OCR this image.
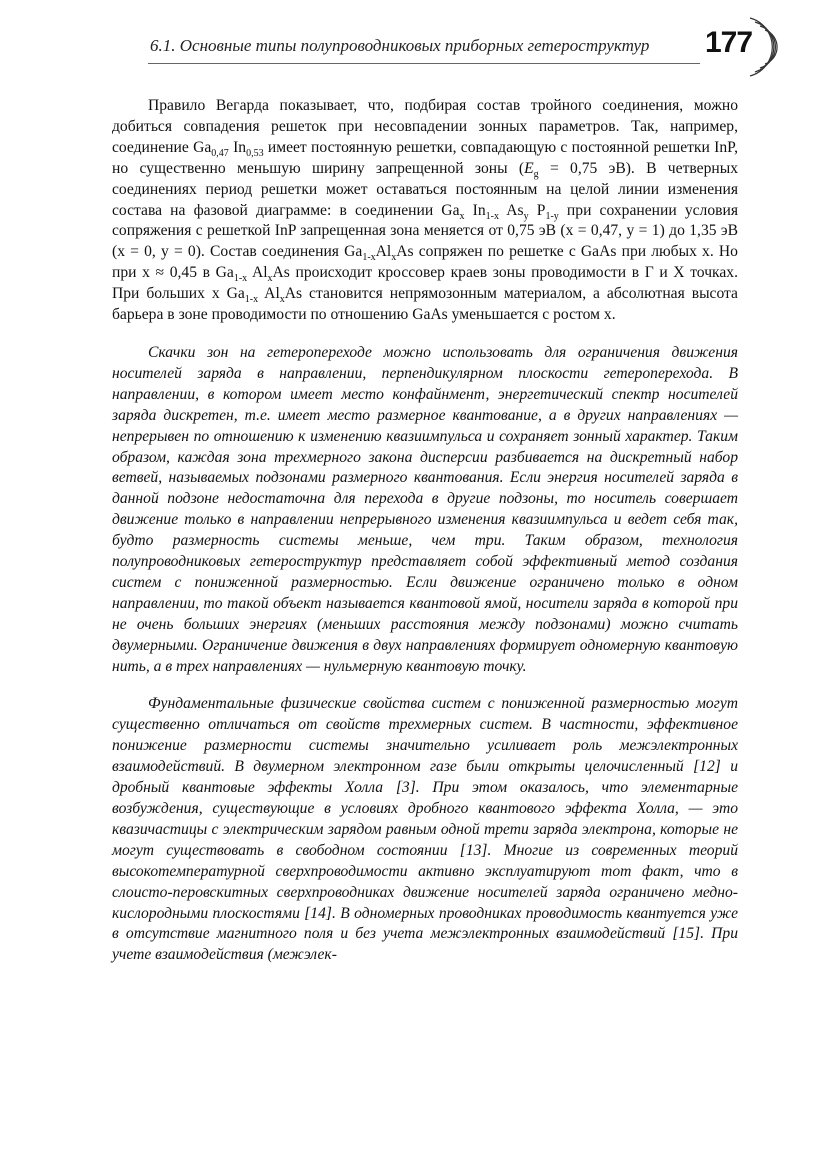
6.1. Основные типы полупроводниковых приборных гетероструктур	177

Правило Вегарда показывает, что, подбирая состав тройного соединения, можно добиться совпадения решеток при несовпадении зонных параметров. Так, например, соединение $Ga_{0,47}$ $In_{0,53}$ имеет постоянную решетки, совпадающую с постоянной решетки InP, но существенно меньшую ширину запрещенной зоны ($E_g = 0,75$ эВ). В четверных соединениях период решетки может оставаться постоянным на целой линии изменения состава на фазовой диаграмме: в соединении $Ga_x$ $In_{1-x}$ $As_y$ $P_{1-y}$ при сохранении условия сопряжения с решеткой InP запрещенная зона меняется от 0,75 эВ (x = 0,47, y = 1) до 1,35 эВ (x = 0, y = 0). Состав соединения $Ga_{1-x}Al_xAs$ сопряжен по решетке с GaAs при любых x. Но при x ≈ 0,45 в $Ga_{1-x}$ $Al_xAs$ происходит кроссовер краев зоны проводимости в Г и X точках. При больших x $Ga_{1-x}$ $Al_xAs$ становится непрямозонным материалом, а абсолютная высота барьера в зоне проводимости по отношению GaAs уменьшается с ростом x.

Скачки зон на гетеропереходе можно использовать для ограничения движения носителей заряда в направлении, перпендикулярном плоскости гетероперехода. В направлении, в котором имеет место конфайнмент, энергетический спектр носителей заряда дискретен, т.е. имеет место размерное квантование, а в других направлениях — непрерывен по отношению к изменению квазиимпульса и сохраняет зонный характер. Таким образом, каждая зона трехмерного закона дисперсии разбивается на дискретный набор ветвей, называемых подзонами размерного квантования. Если энергия носителей заряда в данной подзоне недостаточна для перехода в другие подзоны, то носитель совершает движение только в направлении непрерывного изменения квазиимпульса и ведет себя так, будто размерность системы меньше, чем три. Таким образом, технология полупроводниковых гетероструктур представляет собой эффективный метод создания систем с пониженной размерностью. Если движение ограничено только в одном направлении, то такой объект называется квантовой ямой, носители заряда в которой при не очень больших энергиях (меньших расстояния между подзонами) можно считать двумерными. Ограничение движения в двух направлениях формирует одномерную квантовую нить, а в трех направлениях — нульмерную квантовую точку.

Фундаментальные физические свойства систем с пониженной размерностью могут существенно отличаться от свойств трехмерных систем. В частности, эффективное понижение размерности системы значительно усиливает роль межэлектронных взаимодействий. В двумерном электронном газе были открыты целочисленный [12] и дробный квантовые эффекты Холла [3]. При этом оказалось, что элементарные возбуждения, существующие в условиях дробного квантового эффекта Холла, — это квазичастицы с электрическим зарядом равным одной трети заряда электрона, которые не могут существовать в свободном состоянии [13]. Многие из современных теорий высокотемпературной сверхпроводимости активно эксплуатируют тот факт, что в слоисто-перовскитных сверхпроводниках движение носителей заряда ограничено медно-кислородными плоскостями [14]. В одномерных проводниках проводимость квантуется уже в отсутствие магнитного поля и без учета межэлектронных взаимодействий [15]. При учете взаимодействия (межэлек-
